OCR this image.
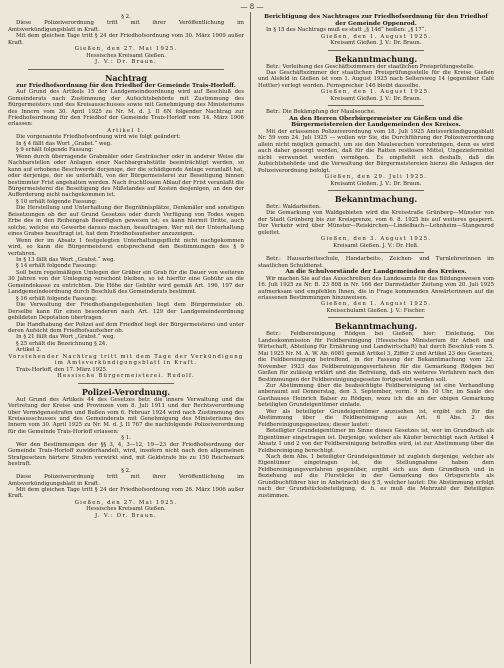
— 8 —

§ 2.

Diese Polizeiverordnung tritt mit ihrer Veröffentlichung im Amtsverkündigungsblatt in Kraft.

Mit dem gleichen Tage tritt § 24 der Friedhofsordnung vom 30. März 1909 außer Kraft.

Gießen, den 27. Mai 1925.

Hessisches Kreisamt Gießen.

J. V.: Dr. Braun.

Nachtrag

zur Friedhofsordnung für den Friedhof der Gemeinde Trais-Horloff.

Auf Grund des Artikels 15 der Landgemeindeordnung wird auf Beschluß des Gemeinderats nach Zustimmung der Aufsichtsbehörde mit Zustimmung des Bürgermeisters und des Kreisausschusses sowie mit Genehmigung des Ministeriums des Innern vom 30. April 1925 zu Nr. M. d. J. II 6N folgender Nachtrag zur Friedhofsordnung für den Friedhof der Gemeinde Trais-Horloff vom 14. März 1906 erlassen:

Artikel 1.

Die vorgenannte Friedhofsordnung wird wie folgt geändert:

In § 4 fällt das Wort „Grabst.“ weg.

§ 9 erhält folgende Fassung:

Wenn durch überragende Grabmäler oder Gesträucher oder in anderer Weise die Nachbarstellen oder Anlagen einer Nachbargrabstätte beeinträchtigt werden, so kann auf erhobene Beschwerde derjenige, der die schädigende Anlage veranlaßt hat, oder derjenige, der sie unterhält, von der Bürgermeisterei zur Beseitigung binnen bestimmter Frist angehalten werden. Nach fruchtlosem Ablauf der Frist veranlaßt die Bürgermeisterei die Beseitigung des Mißstandes auf Kosten desjenigen, an den der Aufforderung nicht nachgekommen ist.

§ 10 erhält folgende Fassung:

Die Herstellung und Unterhaltung der Begräbnisplätze, Denkmäler und sonstigen Beisetzungen ob der auf Grund Gesetzes oder durch Verfügung von Todes wegen Erbe des in den Reihengrab Beerdigten gewesen ist; es kann hiermit Dritte, auch solche, welche ein Gewerbe daraus machen, beauftragen. Wer mit der Unterhaltung eines Grabes beauftragt ist, hat dem Friedhofsaufseher anzuzeigen.

Wenn der im Absatz 1 festgelegten Unterhaltungspflicht nicht nachgekommen wird, so kann die Bürgermeisterei entsprechend den Bestimmungen des § 9 verfahren.

In § 13 fällt das Wort „Grabst.“ weg.

§ 14 erhält folgende Fassung:

Soll beim regelmäßigen Umlegen der Gräber ein Grab für die Dauer von weiteren 30 Jahren von der Umlegung verschont bleiben, so ist hierfür eine Gebühr an die Gemeindekasse zu entrichten. Die Höhe der Gebühr wird gemäß Art. 196, 197 der Landgemeindeordnung durch Beschluß des Gemeinderats bestimmt.

§ 16 erhält folgende Fassung:

Die Verwaltung der Friedhofsangelegenheiten liegt dem Bürgermeister ob. Derselbe kann für einen besonderen nach Art. 129 der Landgemeindeordnung gebildeten Deputation übertragen.

Die Handhabung der Polizei auf dem Friedhof liegt der Bürgermeisterei und unter deren Aufsicht dem Friedhofsaufseher ob.

In § 21 fällt das Wort „Grabst.“ weg.

§ 25 erhält die Bezeichnung § 24.

Artikel 2.

Vorstehender Nachtrag tritt mit dem Tage der Verkündigung im Amtsverkündigungsblatt in Kraft.

Trais-Horloff, den 17. März 1925.

Hessische Bürgermeisterei. Rudolf.

Polizei-Verordnung.

Auf Grund des Artikels 44 des Gesetzes betr. die innere Verwaltung und die Vertretung der Kreise und Provinzen vom 8. Juli 1911 und der Rechtsverordnung über Vermögensstrafen und Bußen vom 6. Februar 1924 wird nach Zustimmung des Kreisausschusses und des Gemeinderats mit Genehmigung des Ministeriums des Innern vom 30. April 1925 zu Nr. M. d. J. II 767 die nachfolgende Polizeiverordnung für die Gemeinde Trais-Horloff erlassen:

§ 1.

Wer den Bestimmungen der §§ 3, 4, 3—12, 19—23 der Friedhofsordnung der Gemeinde Trais-Horloff zuwiderhandelt, wird, insofern nicht nach den allgemeinen Strafgesetzen härtere Strafen verwirkt sind, mit Geldstrafe bis zu 150 Reichsmark bestraft.

§ 2.

Diese Polizeiverordnung tritt mit ihrer Veröffentlichung im Amtsverkündigungsblatt in Kraft.

Mit dem gleichen Tage tritt § 24 der Friedhofsordnung vom 26. März 1906 außer Kraft.

Gießen, den 27. Mai 1925.

Hessisches Kreisamt Gießen.

J. V.: Dr. Braun.

Berichtigung des Nachtrages zur Friedhofsordnung für den Friedhof der Gemeinde Oppenrod.

In § 15 des Nachtrags muß es statt „§ 14d“ heißen: „§ 17“.

Gießen, den 1. August 1925.

Kreisamt Gießen. J. V.: Dr. Braun.

Bekanntmachung.

Betr.: Verleihung des Geschäftszimmers der staatlichen Preisprüfungsstelle.

Das Geschäftszimmer der staatlichen Preisprüfungsstelle für die Kreise Gießen und Alsfeld in Gießen ist vom 1. August 1925 nach Seltersweg 14 (gegenüber Café Hettler) verlegt worden. Fernsprecher 146 bleibt dasselbe.

Gießen, den 1. August 1925.

Kreisamt Gießen. J. V.: Dr. Braun.

Betr.: Die Bekämpfung der Maulseuche.

An den Herren Oberbürgermeister zu Gießen und die Bürgermeistereien der Landgemeinden des Kreises.

Mit der erlassenen Polizeiverordnung vom 18. Juli 1925 Amtsverkündigungsblatt Nr. 59 vom 24. Juli 1925 — wollen wir Sie, die Durchführung der Polizeiverordnung allein nicht möglich gemacht, um sie den Maulseuchen vorzubringen, denn es wird auch daher gesorgt werden, daß für die Ratten restlosen Mittel, Ungeziefermittel nicht verwendet werden vermögen. Es empfiehlt sich deshalb, daß die Aufsichtsbehörde und die Verwaltung der Bürgermeistereien hierzu die Anlagen der Polizeiverordnung befolgt.

Gießen, den 29. Juli 1925.

Kreisamt Gießen. J. V.: Dr. Braun.

Bekanntmachung.

Betr.: Waldarbeiten.

Die Gemarkung von Waldgebieten wird die Kreisstraße Grünberg—Münster von der Stadt Grünberg bis zur Kreisgrenze, vom 6. 8. 1925 bis auf weiteres gesperrt. Der Verkehr wird über Münster—Reiskirchen—Lindelbach—Lehnheim—Stangenrod geleitet.

Gießen, den 3. August 1925.

Kreisamt Gießen. J. V.: Dr. Heß.

Betr.: Hausarbeitsschule, Handarbeits-, Zeichen- und Turnlehrerinnen im staatlichen Schuldienst.

An die Schulvorstände der Landgemeinden des Kreises.

Wir machen Sie auf das Ausschreiben des Landesamts für das Bildungswesen vom 16. Juli 1925 zu Nr. B. 23 808 in Nr. 166 der Darmstädter Zeitung vom 20. Juli 1925 aufmerksam und empfehlen Ihnen, die in Frage kommenden Anwärterinnen auf die erlassenen Bestimmungen hinzuweisen.

Gießen, den 1. August 1925.

Kreisschulamt Gießen. J. V.: Fischer.

Bekanntmachung.

Betr.: Feldbereinigung Rödgen bei Gießen; hier: Einleitung. Die Landeskommission für Feldbereinigung (Hessisches Ministerium für Arbeit und Wirtschaft, Abteilung für Ernährung und Landwirtschaft) hat durch Beschluß vom 5. Mai 1925 Nr. M. A. W. Ab. 6081 gemäß Artikel 3, Ziffer 2 und Artikel 23 des Gesetzes, die Feldbereinigung betreffend, in der Fassung der Bekanntmachung vom 22. November 1923 das Feldbereinigungsverfahren für die Gemarkung Rödgen bei Gießen für zulässig erklärt und die Befreiung, daß ein weiteres Verfahren nach den Bestimmungen der Feldbereinigungsgesetze fortgesetzt werden soll.

Zur Abstimmung über die beabsichtigte Feldbereinigung ist eine Verhandlung anberaumt auf Donnerstag, den 3. September, vorm. 9 bis 10 Uhr, im Saale des Gasthauses Heinrich Balser zu Rödgen, wozu ich die an der obigen Gemarkung beteiligten Grundeigentümer einlade.

Wer als beteiligter Grundeigentümer anzusehen ist, ergibt sich für die Abstimmung über die Feldbereinigung aus Art. 6 Abs. 2 des Feldbereinigungsgesetzes; dieser lautet:

Beteiligter Grundeigentümer im Sinne dieses Gesetzes ist, wer im Grundbuch als Eigentümer eingetragen ist. Derjenige, welcher als Käufer berechtigt nach Artikel 4 Absatz 1 und 2 von der Feldbereinigung betroffen wird, ist zur Abstimmung über die Feldbereinigung berechtigt.

Nach dem Abs. 1 beteiligter Grundeigentümer ist zugleich derjenige, welcher als Eigentümer eingetragen ist, die Stellungnahme haben dem Feldbereinigungsverfahren gegenüber, ergibt sich aus dem Grundbuch und in Beziehung auf die Flurstücke in der Gemarkung des Ortsgerichts als Grundbuchführer hier in Anbetracht des § 5, welcher lautet: Die Abstimmung erfolgt nach der Grundstücksbeteiligung, d. h. es muß die Mehrzahl der Beteiligten zustimmen.
